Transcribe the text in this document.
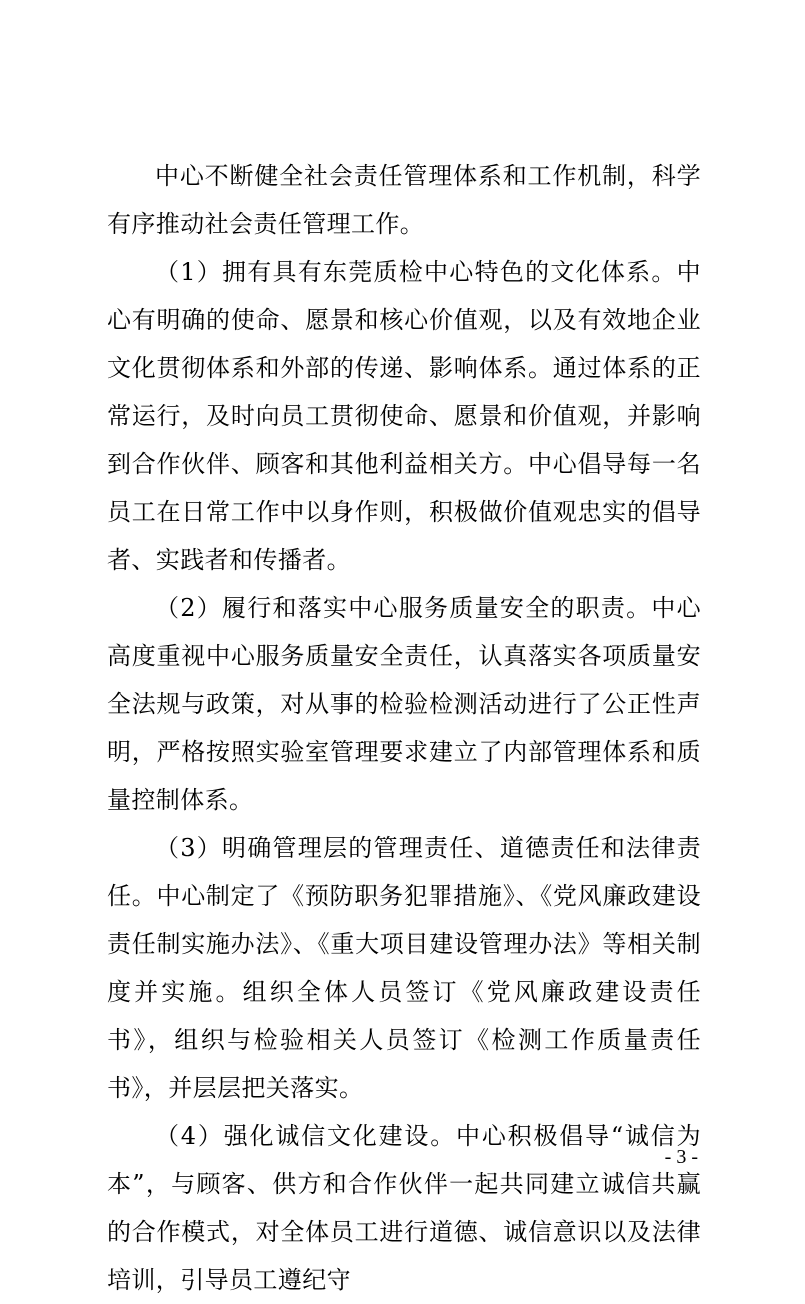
中心不断健全社会责任管理体系和工作机制，科学有序推动社会责任管理工作。

（1）拥有具有东莞质检中心特色的文化体系。中心有明确的使命、愿景和核心价值观，以及有效地企业文化贯彻体系和外部的传递、影响体系。通过体系的正常运行，及时向员工贯彻使命、愿景和价值观，并影响到合作伙伴、顾客和其他利益相关方。中心倡导每一名员工在日常工作中以身作则，积极做价值观忠实的倡导者、实践者和传播者。

（2）履行和落实中心服务质量安全的职责。中心高度重视中心服务质量安全责任，认真落实各项质量安全法规与政策，对从事的检验检测活动进行了公正性声明，严格按照实验室管理要求建立了内部管理体系和质量控制体系。

（3）明确管理层的管理责任、道德责任和法律责任。中心制定了《预防职务犯罪措施》、《党风廉政建设责任制实施办法》、《重大项目建设管理办法》等相关制度并实施。组织全体人员签订《党风廉政建设责任书》，组织与检验相关人员签订《检测工作质量责任书》，并层层把关落实。

（4）强化诚信文化建设。中心积极倡导“诚信为本”，与顾客、供方和合作伙伴一起共同建立诚信共赢的合作模式，对全体员工进行道德、诚信意识以及法律培训，引导员工遵纪守

- 3 -
